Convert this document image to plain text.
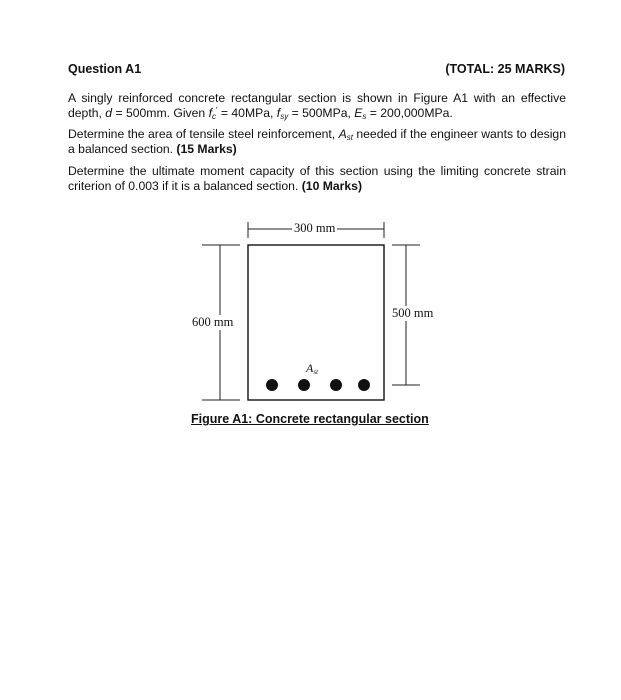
Question A1	(TOTAL: 25 MARKS)
A singly reinforced concrete rectangular section is shown in Figure A1 with an effective depth, d = 500mm. Given $f_c' = 40MPa$, $f_{sy} = 500MPa$, $E_s = 200,000MPa$.
Determine the area of tensile steel reinforcement, $A_{st}$ needed if the engineer wants to design a balanced section. (15 Marks)
Determine the ultimate moment capacity of this section using the limiting concrete strain criterion of 0.003 if it is a balanced section. (10 Marks)
300 mm
600 mm
500 mm
$A_{st}$
Figure A1: Concrete rectangular section
